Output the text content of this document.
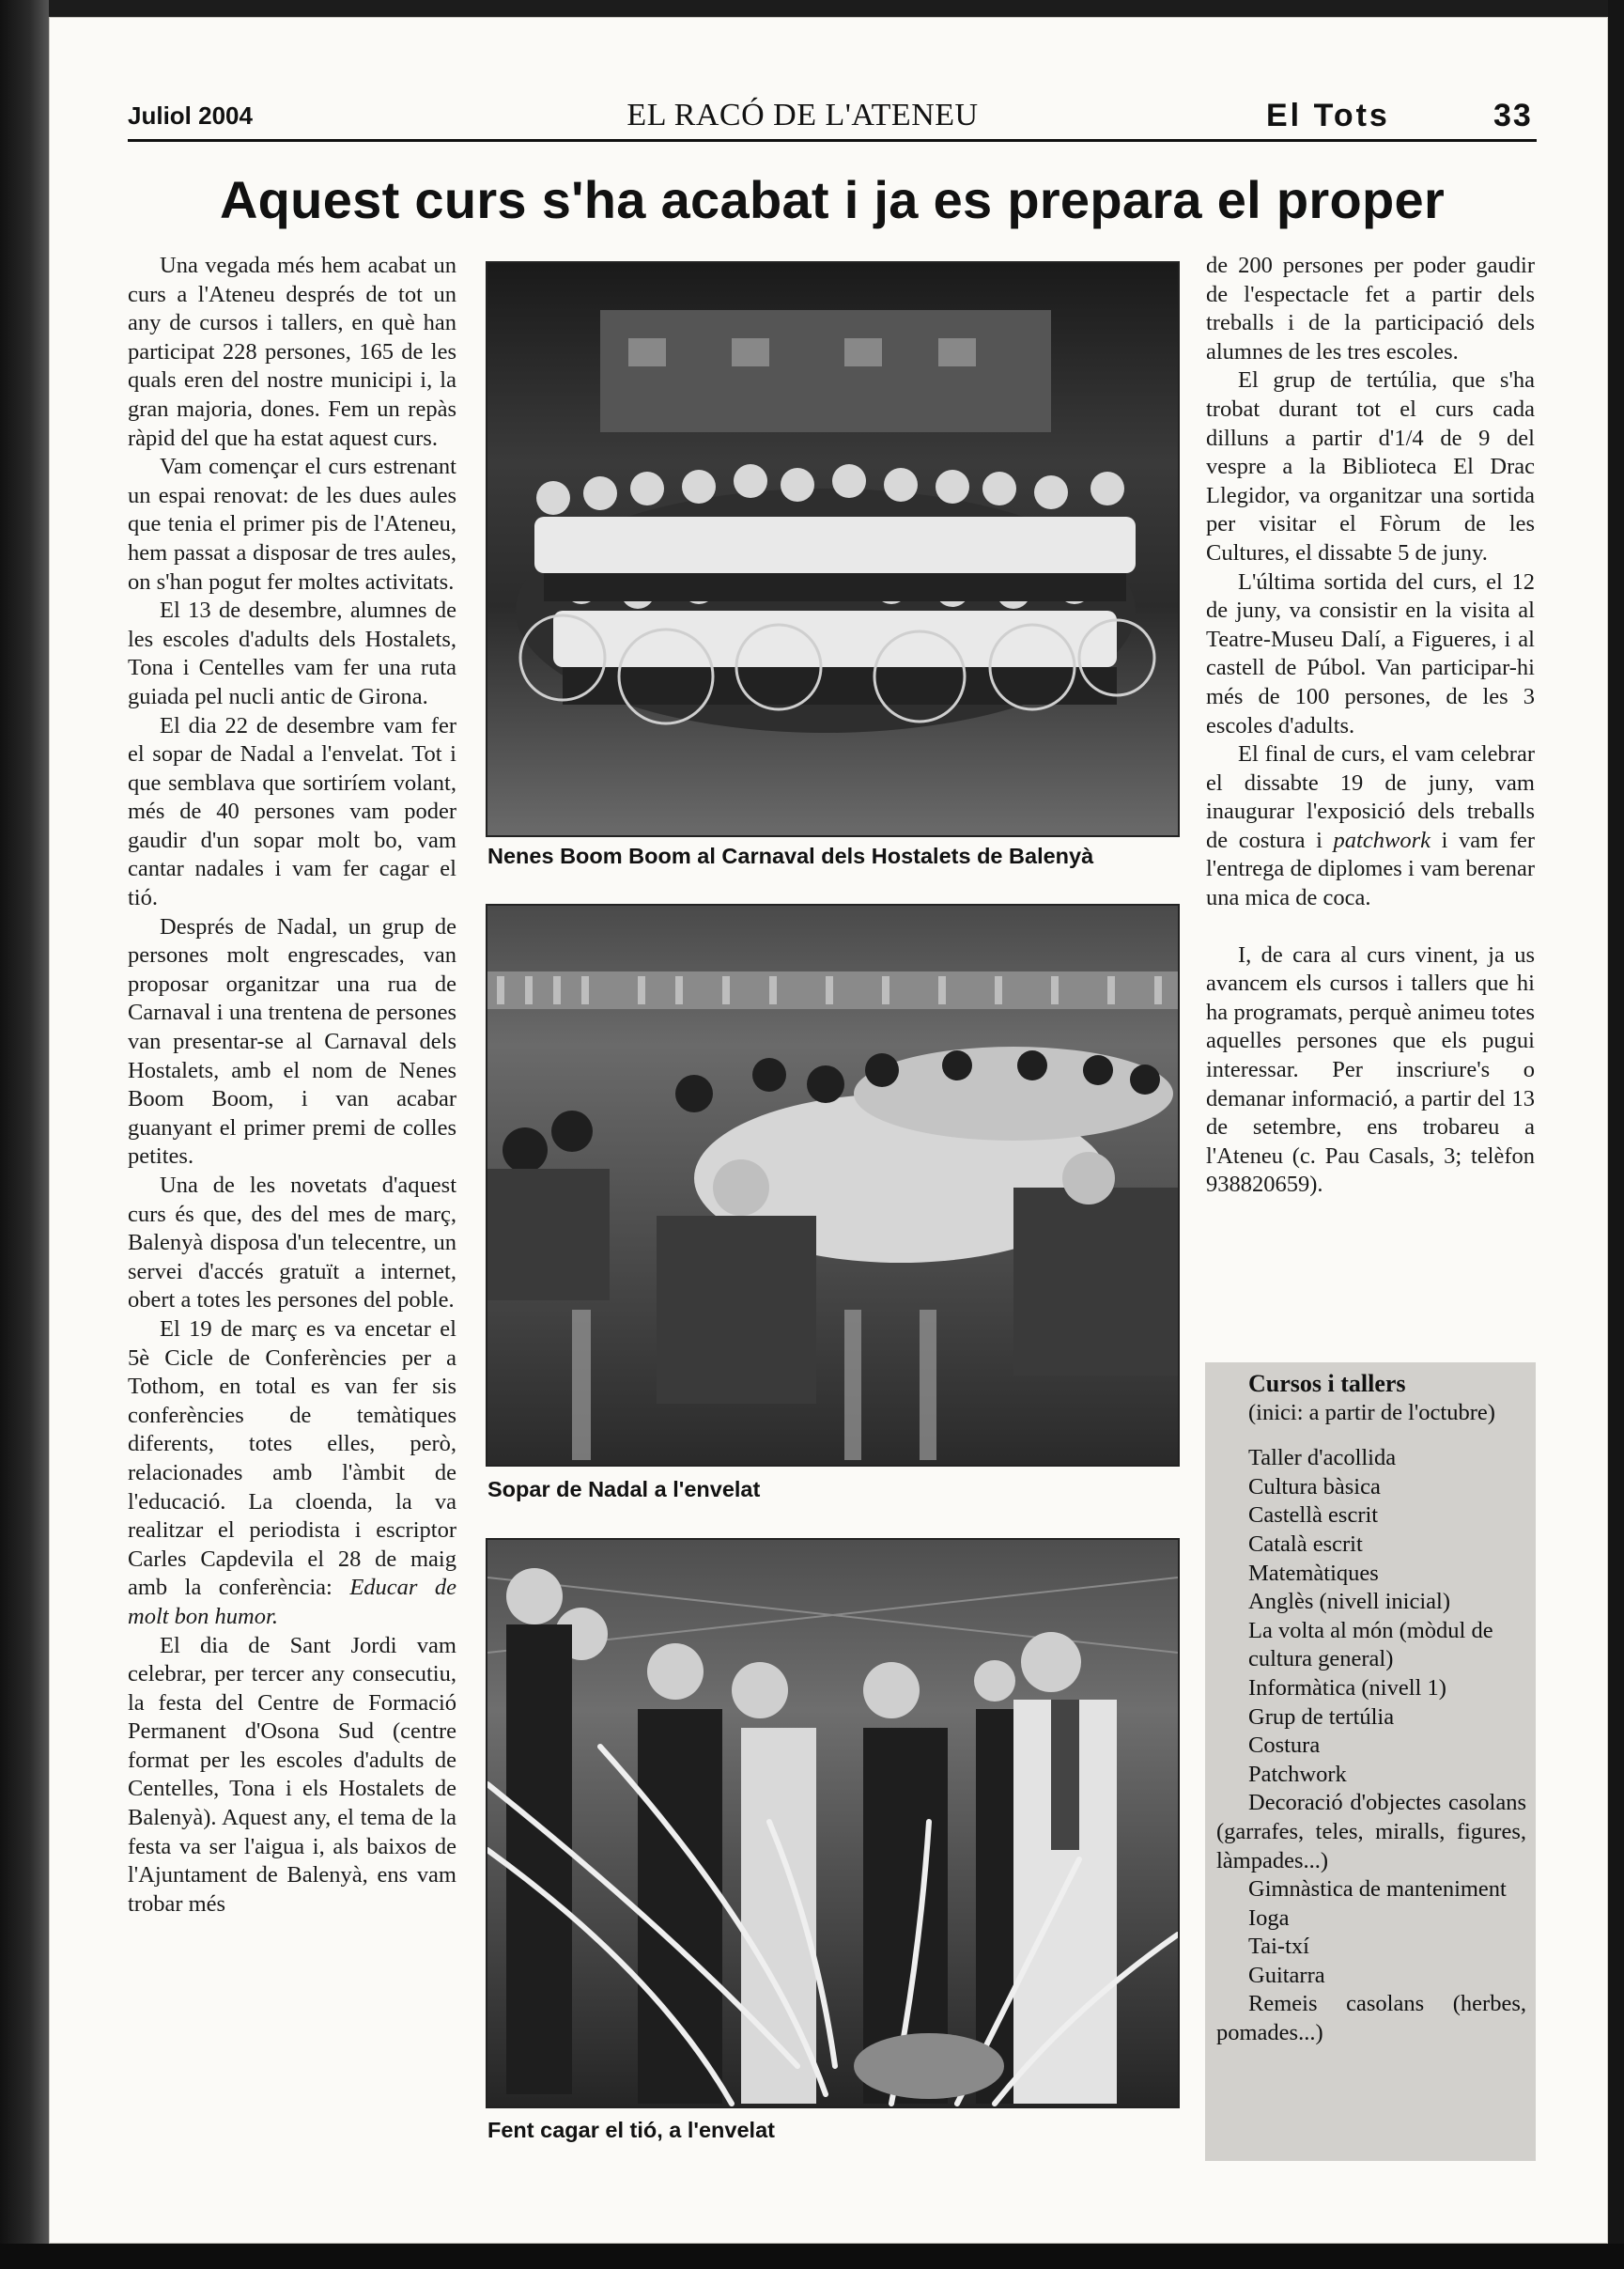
Juliol 2004	EL RACÓ DE L'ATENEU	El Tots	33
Aquest curs s'ha acabat i ja es prepara el proper

Una vegada més hem acabat un curs a l'Ateneu després de tot un any de cursos i tallers, en què han participat 228 persones, 165 de les quals eren del nostre municipi i, la gran majoria, dones. Fem un repàs ràpid del que ha estat aquest curs.

Vam començar el curs estrenant un espai renovat: de les dues aules que tenia el primer pis de l'Ateneu, hem passat a disposar de tres aules, on s'han pogut fer moltes activitats.

El 13 de desembre, alumnes de les escoles d'adults dels Hostalets, Tona i Centelles vam fer una ruta guiada pel nucli antic de Girona.

El dia 22 de desembre vam fer el sopar de Nadal a l'envelat. Tot i que semblava que sortiríem volant, més de 40 persones vam poder gaudir d'un sopar molt bo, vam cantar nadales i vam fer cagar el tió.

Després de Nadal, un grup de persones molt engrescades, van proposar organitzar una rua de Carnaval i una trentena de persones van presentar-se al Carnaval dels Hostalets, amb el nom de Nenes Boom Boom, i van acabar guanyant el primer premi de colles petites.

Una de les novetats d'aquest curs és que, des del mes de març, Balenyà disposa d'un telecentre, un servei d'accés gratuït a internet, obert a totes les persones del poble.

El 19 de març es va encetar el 5è Cicle de Conferències per a Tothom, en total es van fer sis conferències de temàtiques diferents, totes elles, però, relacionades amb l'àmbit de l'educació. La cloenda, la va realitzar el periodista i escriptor Carles Capdevila el 28 de maig amb la conferència: Educar de molt bon humor.

El dia de Sant Jordi vam celebrar, per tercer any consecutiu, la festa del Centre de Formació Permanent d'Osona Sud (centre format per les escoles d'adults de Centelles, Tona i els Hostalets de Balenyà). Aquest any, el tema de la festa va ser l'aigua i, als baixos de l'Ajuntament de Balenyà, ens vam trobar més

Nenes Boom Boom al Carnaval dels Hostalets de Balenyà
Sopar de Nadal a l'envelat
Fent cagar el tió, a l'envelat

de 200 persones per poder gaudir de l'espectacle fet a partir dels treballs i de la participació dels alumnes de les tres escoles.

El grup de tertúlia, que s'ha trobat durant tot el curs cada dilluns a partir d'1/4 de 9 del vespre a la Biblioteca El Drac Llegidor, va organitzar una sortida per visitar el Fòrum de les Cultures, el dissabte 5 de juny.

L'última sortida del curs, el 12 de juny, va consistir en la visita al Teatre-Museu Dalí, a Figueres, i al castell de Púbol. Van participar-hi més de 100 persones, de les 3 escoles d'adults.

El final de curs, el vam celebrar el dissabte 19 de juny, vam inaugurar l'exposició dels treballs de costura i patchwork i vam fer l'entrega de diplomes i vam berenar una mica de coca.

I, de cara al curs vinent, ja us avancem els cursos i tallers que hi ha programats, perquè animeu totes aquelles persones que els pugui interessar. Per inscriure's o demanar informació, a partir del 13 de setembre, ens trobareu a l'Ateneu (c. Pau Casals, 3; telèfon 938820659).

Cursos i tallers
(inici: a partir de l'octubre)
Taller d'acollida
Cultura bàsica
Castellà escrit
Català escrit
Matemàtiques
Anglès (nivell inicial)
La volta al món (mòdul de cultura general)
Informàtica (nivell 1)
Grup de tertúlia
Costura
Patchwork
Decoració d'objectes casolans (garrafes, teles, miralls, figures, làmpades...)
Gimnàstica de manteniment
Ioga
Tai-txí
Guitarra
Remeis casolans (herbes, pomades...)
